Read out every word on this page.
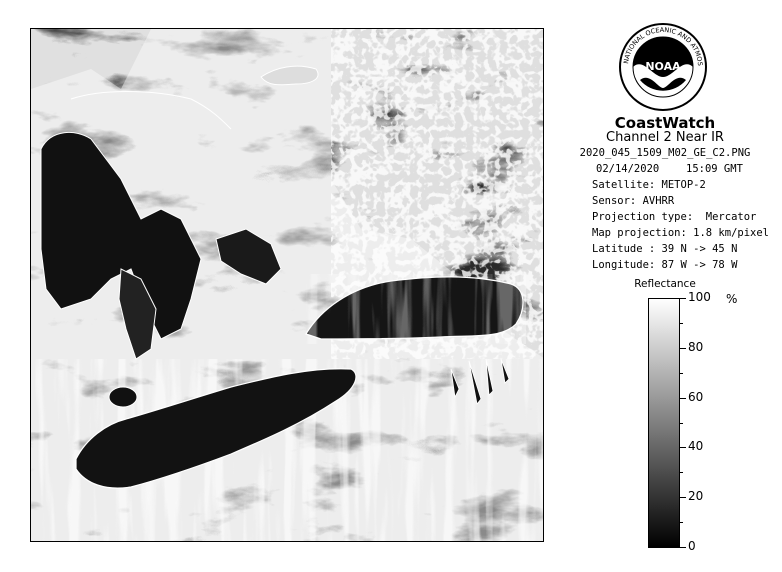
NATIONAL OCEANIC AND ATMOS
NOAA
CoastWatch
Channel 2 Near IR
2020_045_1509_M02_GE_C2.PNG
02/14/2020	15:09 GMT
Satellite: METOP-2
Sensor: AVHRR
Projection type:  Mercator
Map projection: 1.8 km/pixel
Latitude : 39 N -> 45 N
Longitude: 87 W -> 78 W
Reflectance
%
100
80
60
40
20
0
